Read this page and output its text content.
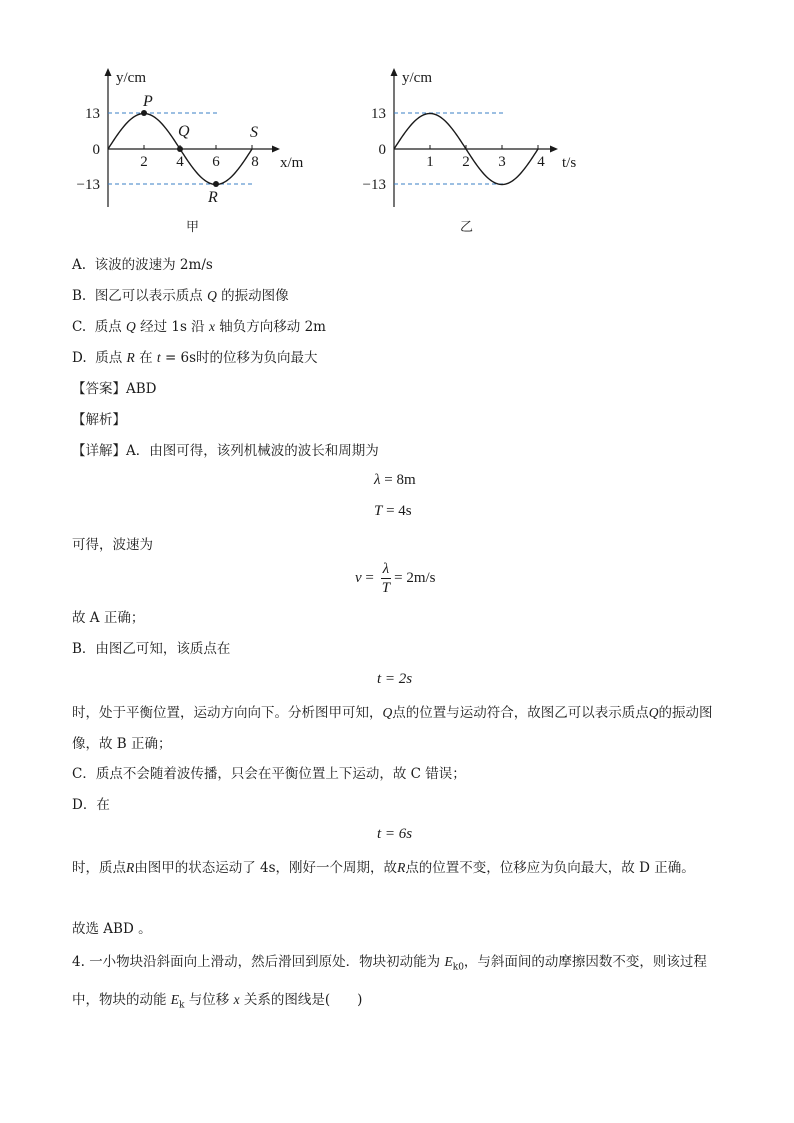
y/cm
x/m
13
0
−13
2 4 6 8
P
Q
R
S
甲
y/cm
t/s
13
0
−13
1 2 3 4
乙
A. 该波的波速为 2m/s
B. 图乙可以表示质点 Q 的振动图像
C. 质点 Q 经过 1s 沿 x 轴负方向移动 2m
D. 质点 R 在 t = 6s时的位移为负向最大
【答案】ABD
【解析】
【详解】A．由图可得，该列机械波的波长和周期为
λ = 8m
T = 4s
可得，波速为
$v = \frac{\lambda}{T} = 2m/s$
故 A 正确；
B．由图乙可知，该质点在
t = 2s
时，处于平衡位置，运动方向向下。分析图甲可知，Q点的位置与运动符合，故图乙可以表示质点Q的振动图像，故 B 正确；
C．质点不会随着波传播，只会在平衡位置上下运动，故 C 错误；
D．在
t = 6s
时，质点R由图甲的状态运动了 4s，刚好一个周期，故R点的位置不变，位移应为负向最大，故 D 正确。
故选 ABD 。
4. 一小物块沿斜面向上滑动，然后滑回到原处．物块初动能为 $E_{k0}$，与斜面间的动摩擦因数不变，则该过程中，物块的动能 $E_k$ 与位移 x 关系的图线是(　　)
